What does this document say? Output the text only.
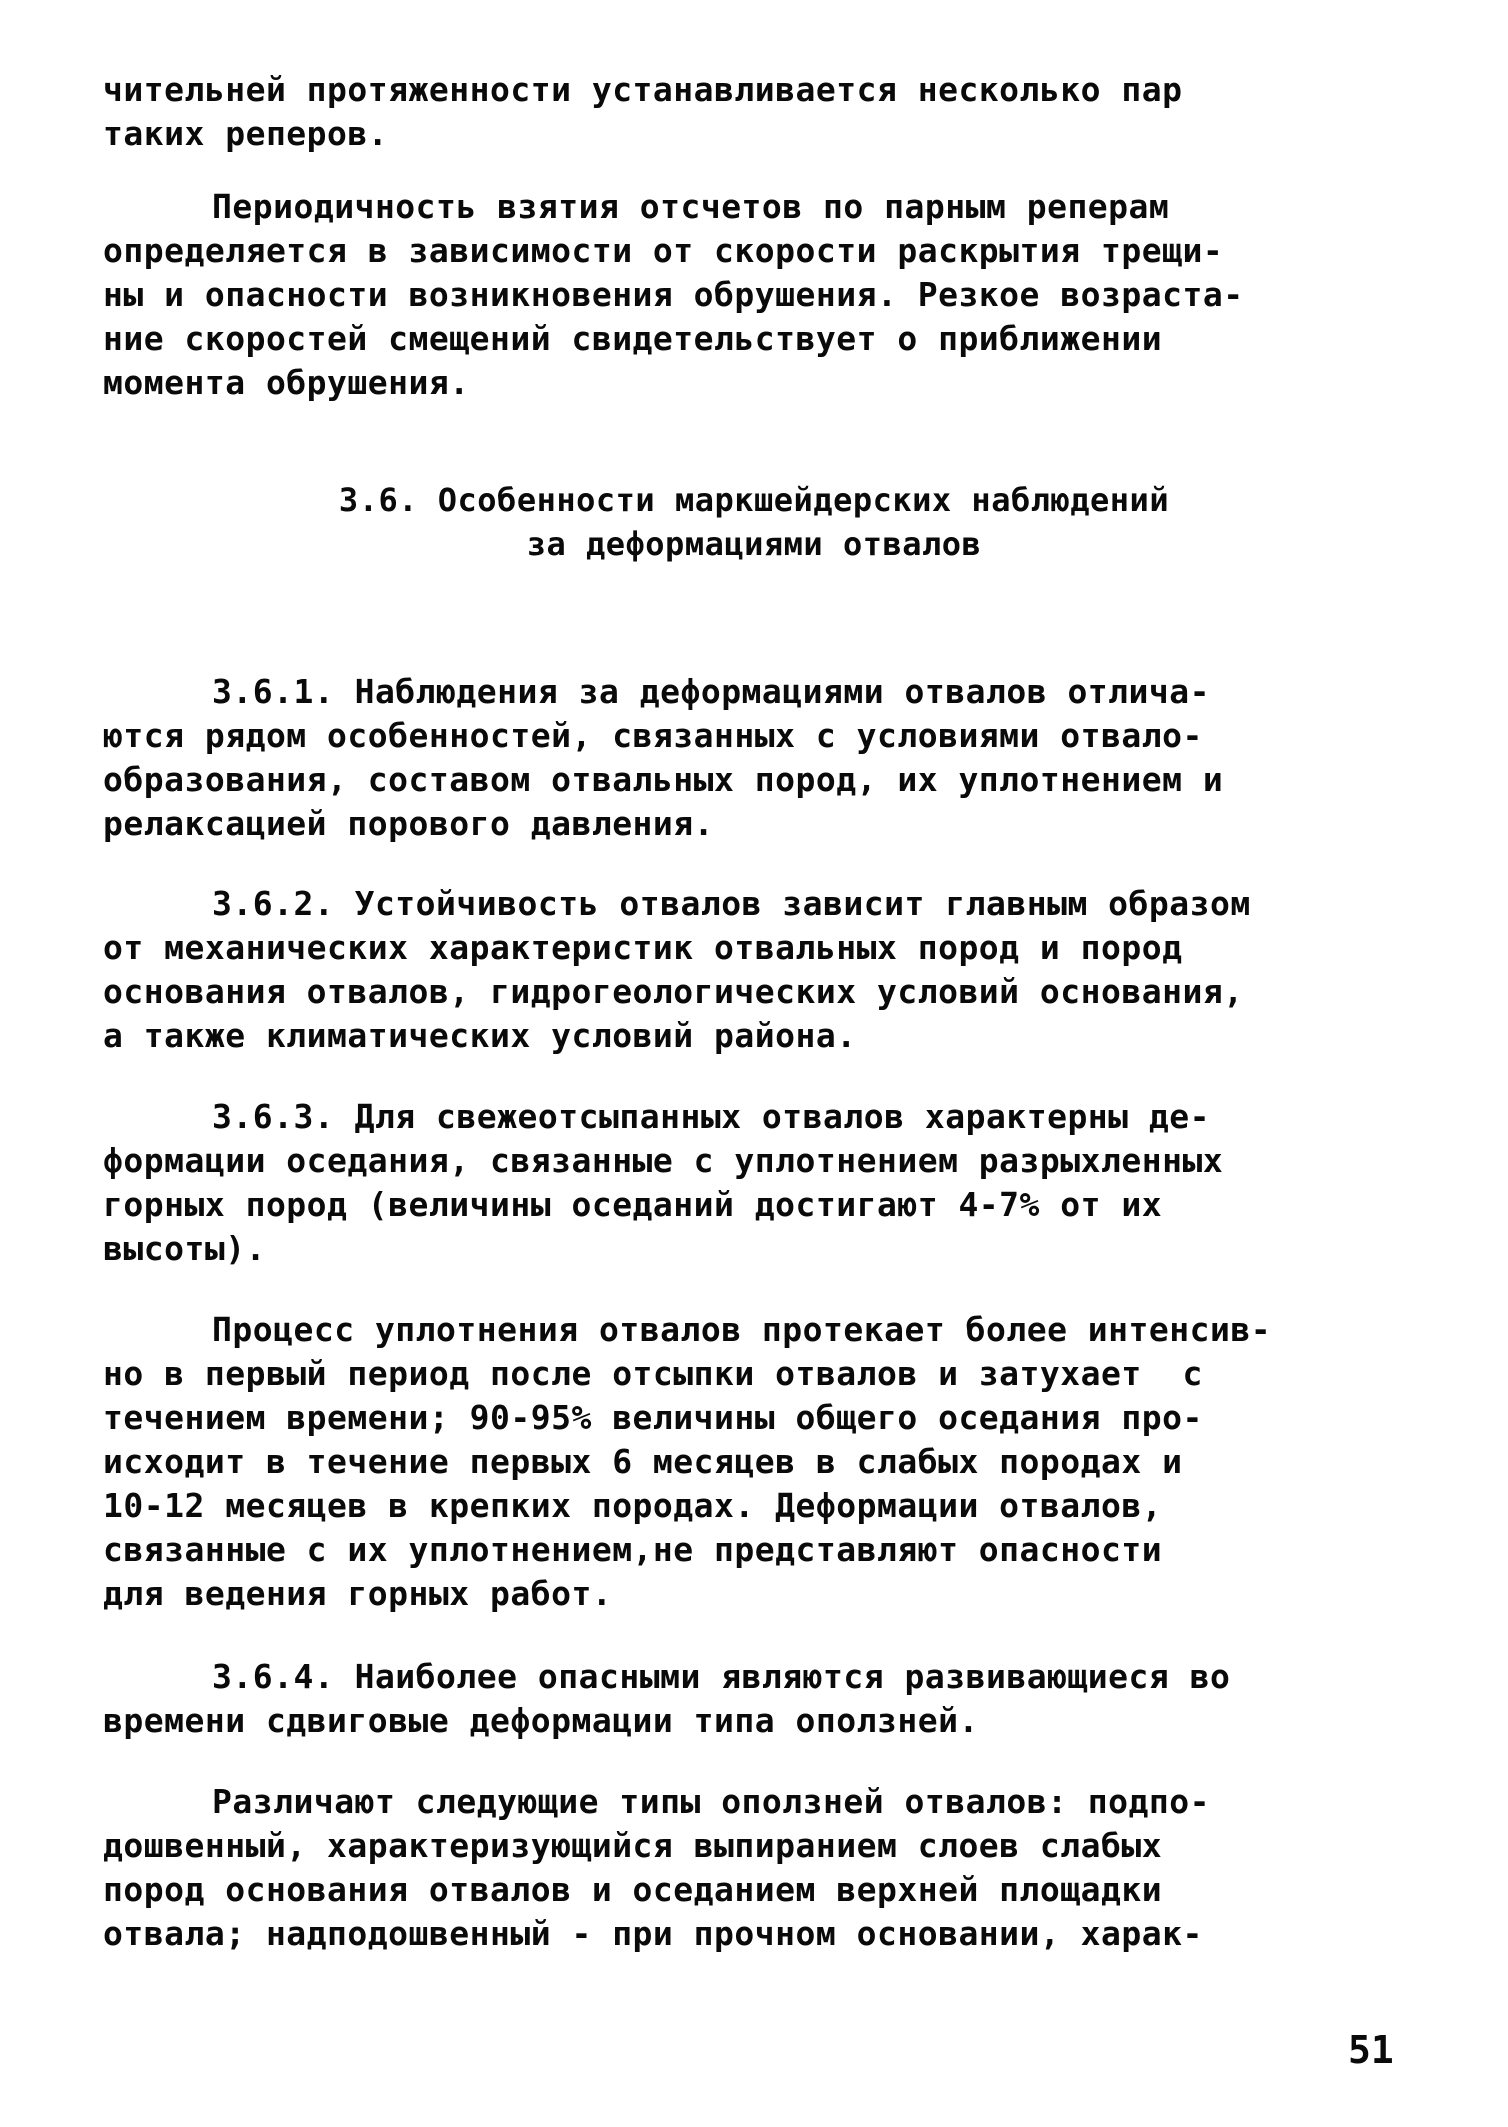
чительней протяженности устанавливается несколько пар
таких реперов.
Периодичность взятия отсчетов по парным реперам
определяется в зависимости от скорости раскрытия трещи-
ны и опасности возникновения обрушения. Резкое возраста-
ние скоростей смещений свидетельствует о приближении
момента обрушения.
3.6. Особенности маркшейдерских наблюдений
за деформациями отвалов
3.6.1. Наблюдения за деформациями отвалов отлича-
ются рядом особенностей, связанных с условиями отвало-
образования, составом отвальных пород, их уплотнением и
релаксацией порового давления.
3.6.2. Устойчивость отвалов зависит главным образом
от механических характеристик отвальных пород и пород
основания отвалов, гидрогеологических условий основания,
а также климатических условий района.
3.6.3. Для свежеотсыпанных отвалов характерны де-
формации оседания, связанные с уплотнением разрыхленных
горных пород (величины оседаний достигают 4-7% от их
высоты).
Процесс уплотнения отвалов протекает более интенсив-
но в первый период после отсыпки отвалов и затухает  с
течением времени; 90-95% величины общего оседания про-
исходит в течение первых 6 месяцев в слабых породах и
10-12 месяцев в крепких породах. Деформации отвалов,
связанные с их уплотнением,не представляют опасности
для ведения горных работ.
3.6.4. Наиболее опасными являются развивающиеся во
времени сдвиговые деформации типа оползней.
Различают следующие типы оползней отвалов: подпо-
дошвенный, характеризующийся выпиранием слоев слабых
пород основания отвалов и оседанием верхней площадки
отвала; надподошвенный - при прочном основании, харак-
51
